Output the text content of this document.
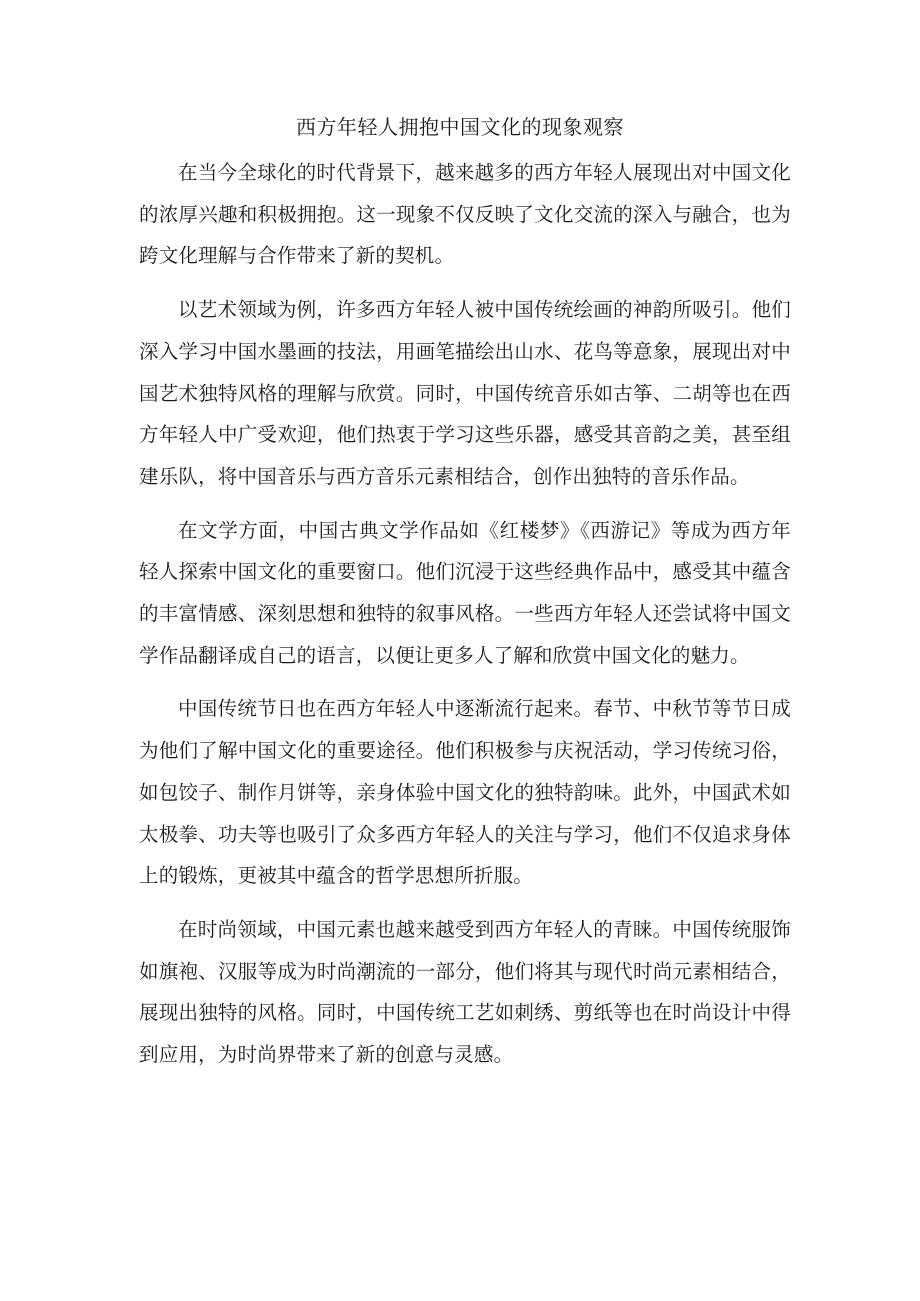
西方年轻人拥抱中国文化的现象观察

在当今全球化的时代背景下，越来越多的西方年轻人展现出对中国文化的浓厚兴趣和积极拥抱。这一现象不仅反映了文化交流的深入与融合，也为跨文化理解与合作带来了新的契机。

以艺术领域为例，许多西方年轻人被中国传统绘画的神韵所吸引。他们深入学习中国水墨画的技法，用画笔描绘出山水、花鸟等意象，展现出对中国艺术独特风格的理解与欣赏。同时，中国传统音乐如古筝、二胡等也在西方年轻人中广受欢迎，他们热衷于学习这些乐器，感受其音韵之美，甚至组建乐队，将中国音乐与西方音乐元素相结合，创作出独特的音乐作品。

在文学方面，中国古典文学作品如《红楼梦》《西游记》等成为西方年轻人探索中国文化的重要窗口。他们沉浸于这些经典作品中，感受其中蕴含的丰富情感、深刻思想和独特的叙事风格。一些西方年轻人还尝试将中国文学作品翻译成自己的语言，以便让更多人了解和欣赏中国文化的魅力。

中国传统节日也在西方年轻人中逐渐流行起来。春节、中秋节等节日成为他们了解中国文化的重要途径。他们积极参与庆祝活动，学习传统习俗，如包饺子、制作月饼等，亲身体验中国文化的独特韵味。此外，中国武术如太极拳、功夫等也吸引了众多西方年轻人的关注与学习，他们不仅追求身体上的锻炼，更被其中蕴含的哲学思想所折服。

在时尚领域，中国元素也越来越受到西方年轻人的青睐。中国传统服饰如旗袍、汉服等成为时尚潮流的一部分，他们将其与现代时尚元素相结合，展现出独特的风格。同时，中国传统工艺如刺绣、剪纸等也在时尚设计中得到应用，为时尚界带来了新的创意与灵感。
